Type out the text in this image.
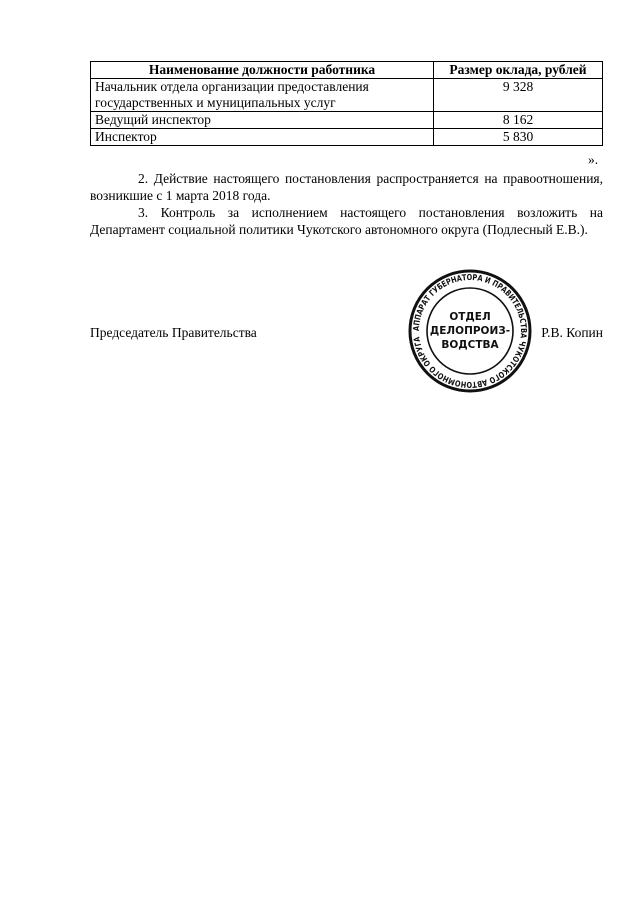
Наименование должности работника	Размер оклада, рублей
Начальник отдела организации предоставления государственных и муниципальных услуг	9 328
Ведущий инспектор	8 162
Инспектор	5 830
».
2. Действие настоящего постановления распространяется на правоотношения, возникшие с 1 марта 2018 года.
3. Контроль за исполнением настоящего постановления возложить на Департамент социальной политики Чукотского автономного округа (Подлесный Е.В.).
Председатель Правительства	АППАРАТ ГУБЕРНАТОРА И ПРАВИТЕЛЬСТВА ЧУКОТСКОГО АВТОНОМНОГО ОКРУГА
ОТДЕЛ
ДЕЛОПРОИЗ-
ВОДСТВА
Р.В. Копин
